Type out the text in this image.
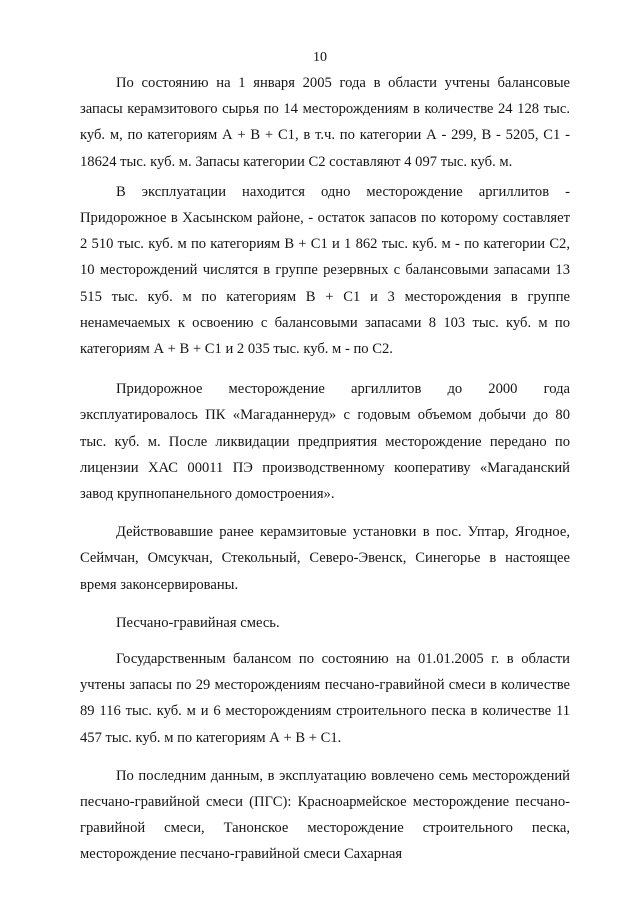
10

По состоянию на 1 января 2005 года в области учтены балансовые запасы керамзитового сырья по 14 месторождениям в количестве 24 128 тыс. куб. м, по категориям А + В + С1, в т.ч. по категории А - 299, В - 5205, С1 - 18624 тыс. куб. м. Запасы категории С2 составляют 4 097 тыс. куб. м.

В эксплуатации находится одно месторождение аргиллитов - Придорожное в Хасынском районе, - остаток запасов по которому составляет 2 510 тыс. куб. м по категориям В + С1 и 1 862 тыс. куб. м - по категории С2, 10 месторождений числятся в группе резервных с балансовыми запасами 13 515 тыс. куб. м по категориям В + С1 и 3 месторождения в группе ненамечаемых к освоению с балансовыми запасами 8 103 тыс. куб. м по категориям А + В + С1 и 2 035 тыс. куб. м - по С2.

Придорожное месторождение аргиллитов до 2000 года эксплуатировалось ПК «Магаданнеруд» с годовым объемом добычи до 80 тыс. куб. м. После ликвидации предприятия месторождение передано по лицензии ХАС 00011 ПЭ производственному кооперативу «Магаданский завод крупнопанельного домостроения».

Действовавшие ранее керамзитовые установки в пос. Уптар, Ягодное, Сеймчан, Омсукчан, Стекольный, Северо-Эвенск, Синегорье в настоящее время законсервированы.

Песчано-гравийная смесь.

Государственным балансом по состоянию на 01.01.2005 г. в области учтены запасы по 29 месторождениям песчано-гравийной смеси в количестве 89 116 тыс. куб. м и 6 месторождениям строительного песка в количестве 11 457 тыс. куб. м по категориям А + В + С1.

По последним данным, в эксплуатацию вовлечено семь месторождений песчано-гравийной смеси (ПГС): Красноармейское месторождение песчано-гравийной смеси, Танонское месторождение строительного песка, месторождение песчано-гравийной смеси Сахарная
